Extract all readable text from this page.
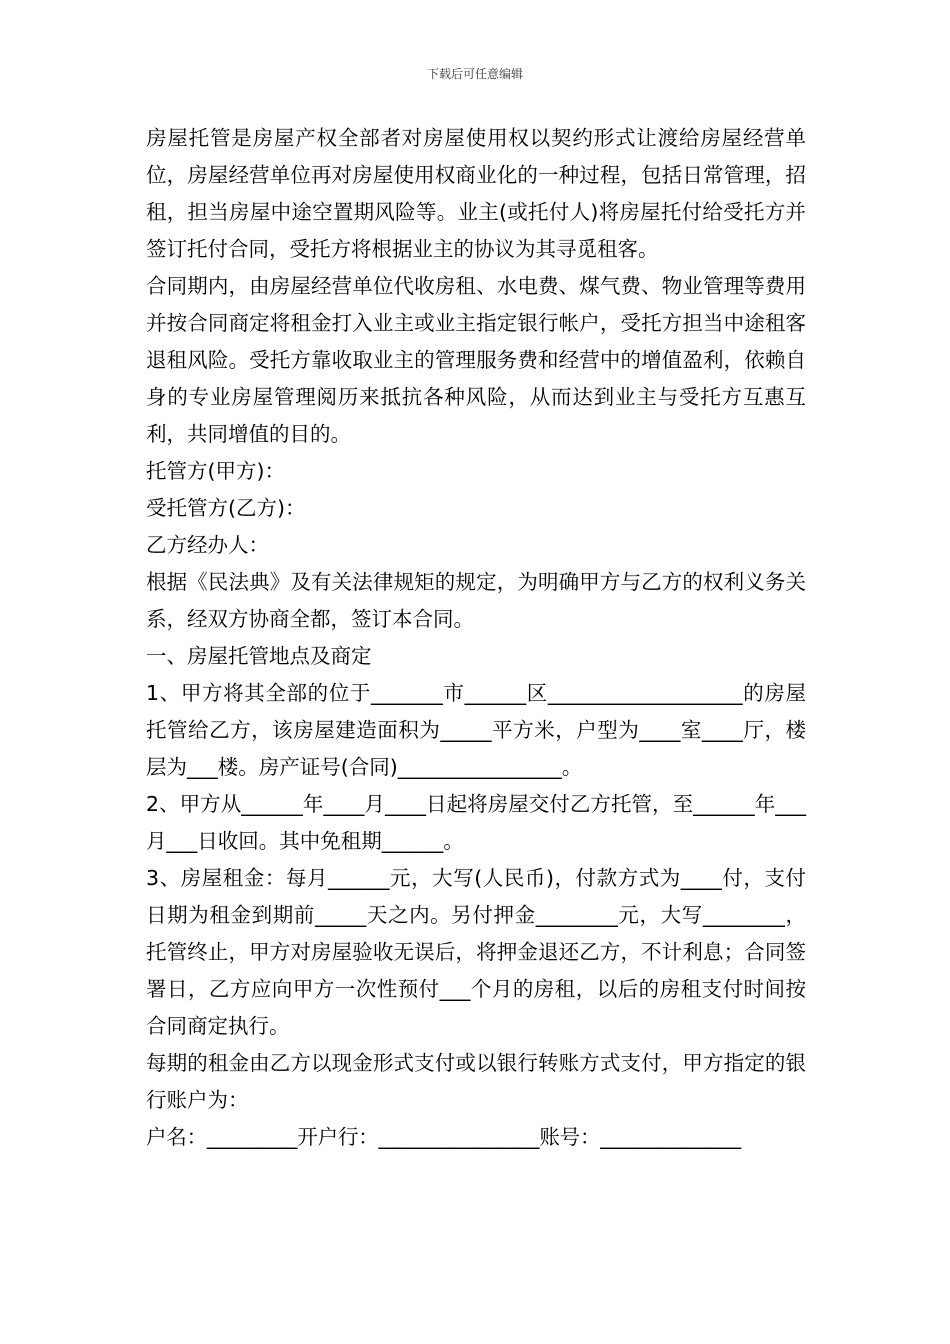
下载后可任意编辑

房屋托管是房屋产权全部者对房屋使用权以契约形式让渡给房屋经营单位，房屋经营单位再对房屋使用权商业化的一种过程，包括日常管理，招租，担当房屋中途空置期风险等。业主(或托付人)将房屋托付给受托方并签订托付合同，受托方将根据业主的协议为其寻觅租客。

合同期内，由房屋经营单位代收房租、水电费、煤气费、物业管理等费用并按合同商定将租金打入业主或业主指定银行帐户，受托方担当中途租客退租风险。受托方靠收取业主的管理服务费和经营中的增值盈利，依赖自身的专业房屋管理阅历来抵抗各种风险，从而达到业主与受托方互惠互利，共同增值的目的。

托管方(甲方)：

受托管方(乙方)：

乙方经办人：

根据《民法典》及有关法律规矩的规定，为明确甲方与乙方的权利义务关系，经双方协商全都，签订本合同。

一、房屋托管地点及商定

1、甲方将其全部的位于_______市______区___________________的房屋托管给乙方，该房屋建造面积为_____平方米，户型为____室____厅，楼层为___楼。房产证号(合同)________________。

2、甲方从______年____月____日起将房屋交付乙方托管，至______年___月___日收回。其中免租期______。

3、房屋租金：每月______元，大写(人民币)，付款方式为____付，支付日期为租金到期前_____天之内。另付押金________元，大写________，托管终止，甲方对房屋验收无误后，将押金退还乙方，不计利息；合同签署日，乙方应向甲方一次性预付___个月的房租，以后的房租支付时间按合同商定执行。

每期的租金由乙方以现金形式支付或以银行转账方式支付，甲方指定的银行账户为：

户名：_________开户行：________________账号：______________
